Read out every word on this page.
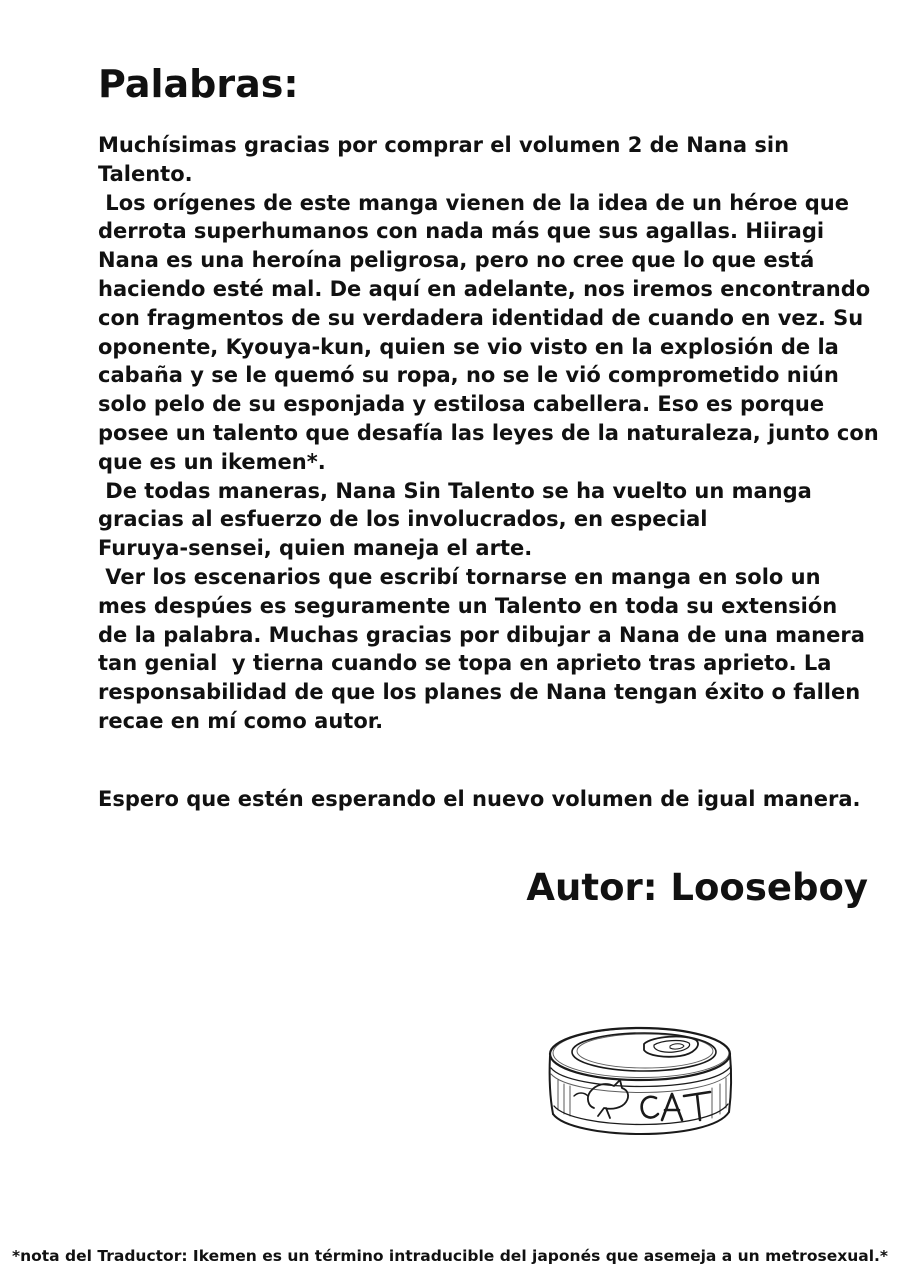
Palabras:
Muchísimas gracias por comprar el volumen 2 de Nana sin
Talento.
Los orígenes de este manga vienen de la idea de un héroe que
derrota superhumanos con nada más que sus agallas. Hiiragi
Nana es una heroína peligrosa, pero no cree que lo que está
haciendo esté mal. De aquí en adelante, nos iremos encontrando
con fragmentos de su verdadera identidad de cuando en vez. Su
oponente, Kyouya-kun, quien se vio visto en la explosión de la
cabaña y se le quemó su ropa, no se le vió comprometido niún
solo pelo de su esponjada y estilosa cabellera. Eso es porque
posee un talento que desafía las leyes de la naturaleza, junto con
que es un ikemen*.
De todas maneras, Nana Sin Talento se ha vuelto un manga
gracias al esfuerzo de los involucrados, en especial
Furuya-sensei, quien maneja el arte.
Ver los escenarios que escribí tornarse en manga en solo un
mes despúes es seguramente un Talento en toda su extensión
de la palabra. Muchas gracias por dibujar a Nana de una manera
tan genial  y tierna cuando se topa en aprieto tras aprieto. La
responsabilidad de que los planes de Nana tengan éxito o fallen
recae en mí como autor.
Espero que estén esperando el nuevo volumen de igual manera.
Autor: Looseboy
CAT
*nota del Traductor: Ikemen es un término intraducible del japonés que asemeja a un metrosexual.*
